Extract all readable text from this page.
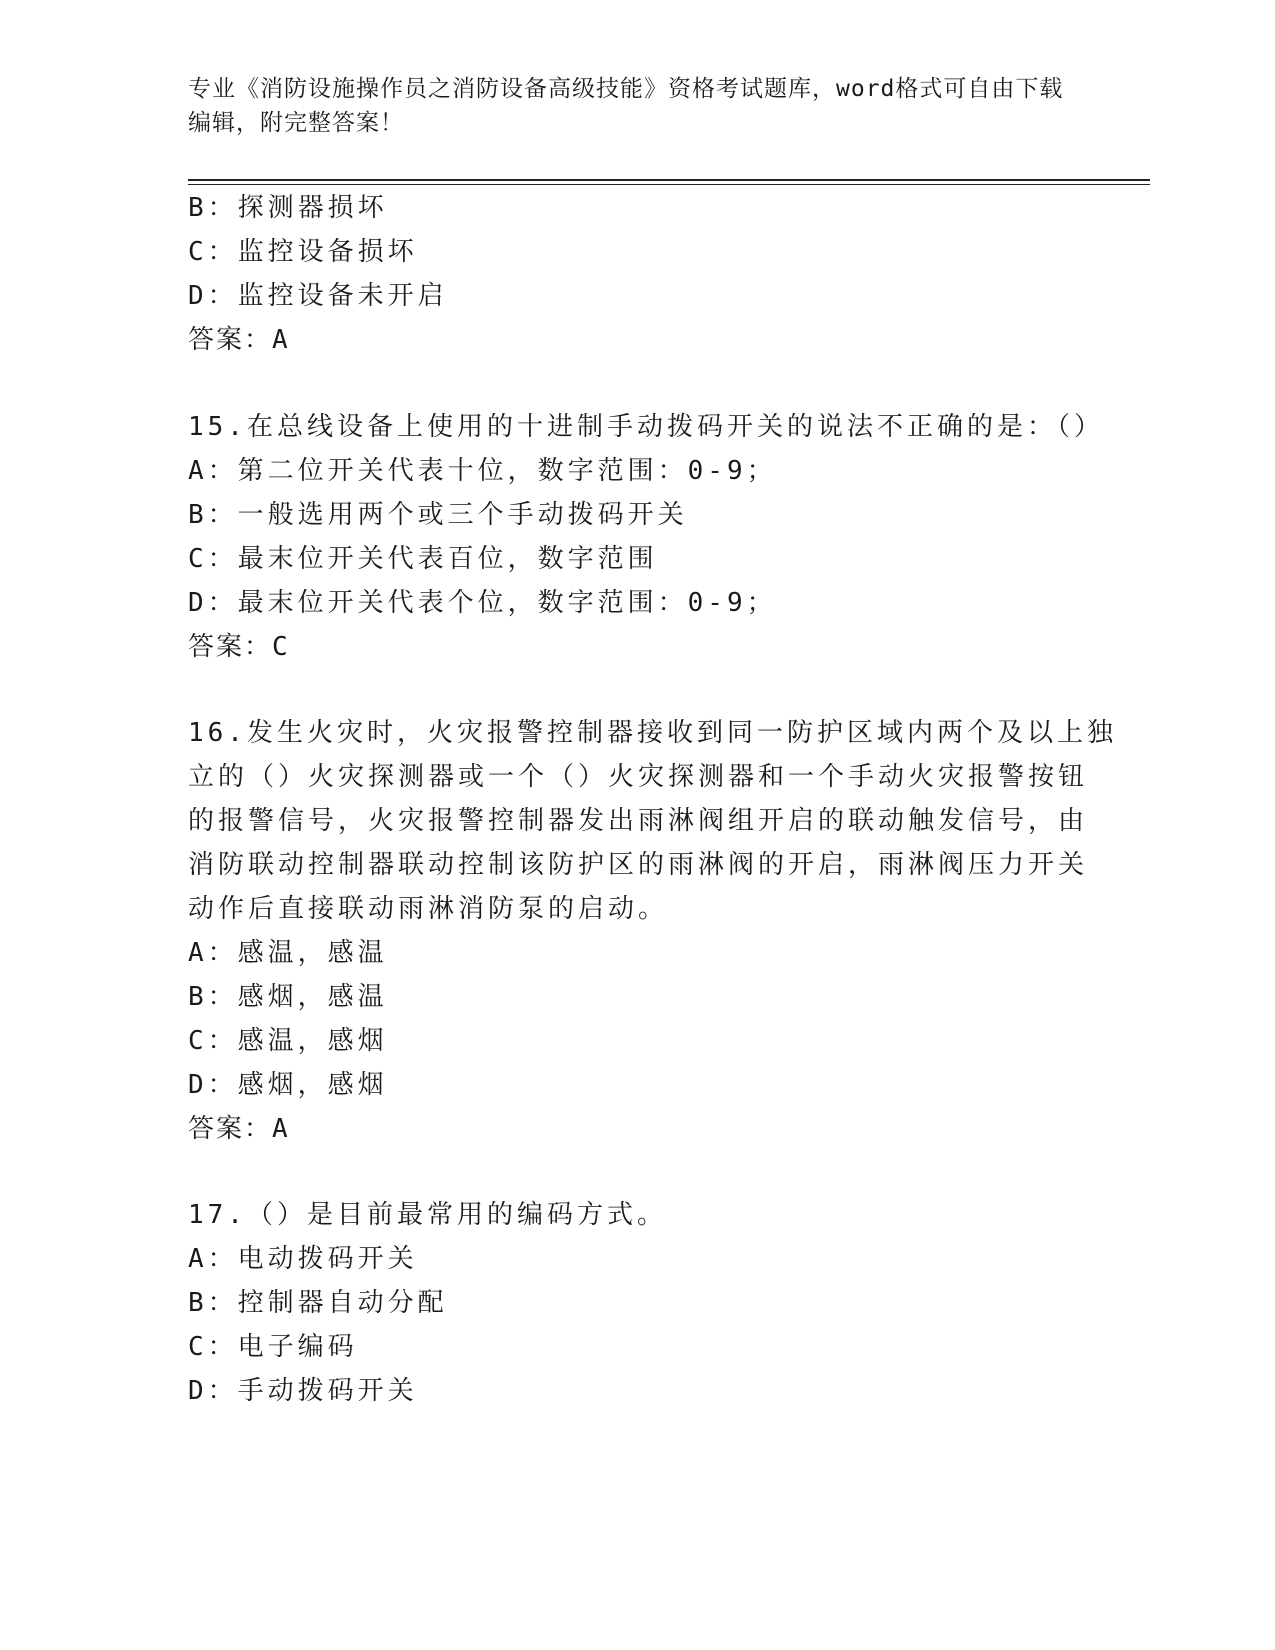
专业《消防设施操作员之消防设备高级技能》资格考试题库，word格式可自由下载编辑，附完整答案！
B：探测器损坏
C：监控设备损坏
D：监控设备未开启
答案：A
15.在总线设备上使用的十进制手动拨码开关的说法不正确的是：（）
A：第二位开关代表十位，数字范围：0-9；
B：一般选用两个或三个手动拨码开关
C：最末位开关代表百位，数字范围
D：最末位开关代表个位，数字范围：0-9；
答案：C
16.发生火灾时，火灾报警控制器接收到同一防护区域内两个及以上独
立的（）火灾探测器或一个（）火灾探测器和一个手动火灾报警按钮
的报警信号，火灾报警控制器发出雨淋阀组开启的联动触发信号，由
消防联动控制器联动控制该防护区的雨淋阀的开启，雨淋阀压力开关
动作后直接联动雨淋消防泵的启动。
A：感温，感温
B：感烟，感温
C：感温，感烟
D：感烟，感烟
答案：A
17.（）是目前最常用的编码方式。
A：电动拨码开关
B：控制器自动分配
C：电子编码
D：手动拨码开关
